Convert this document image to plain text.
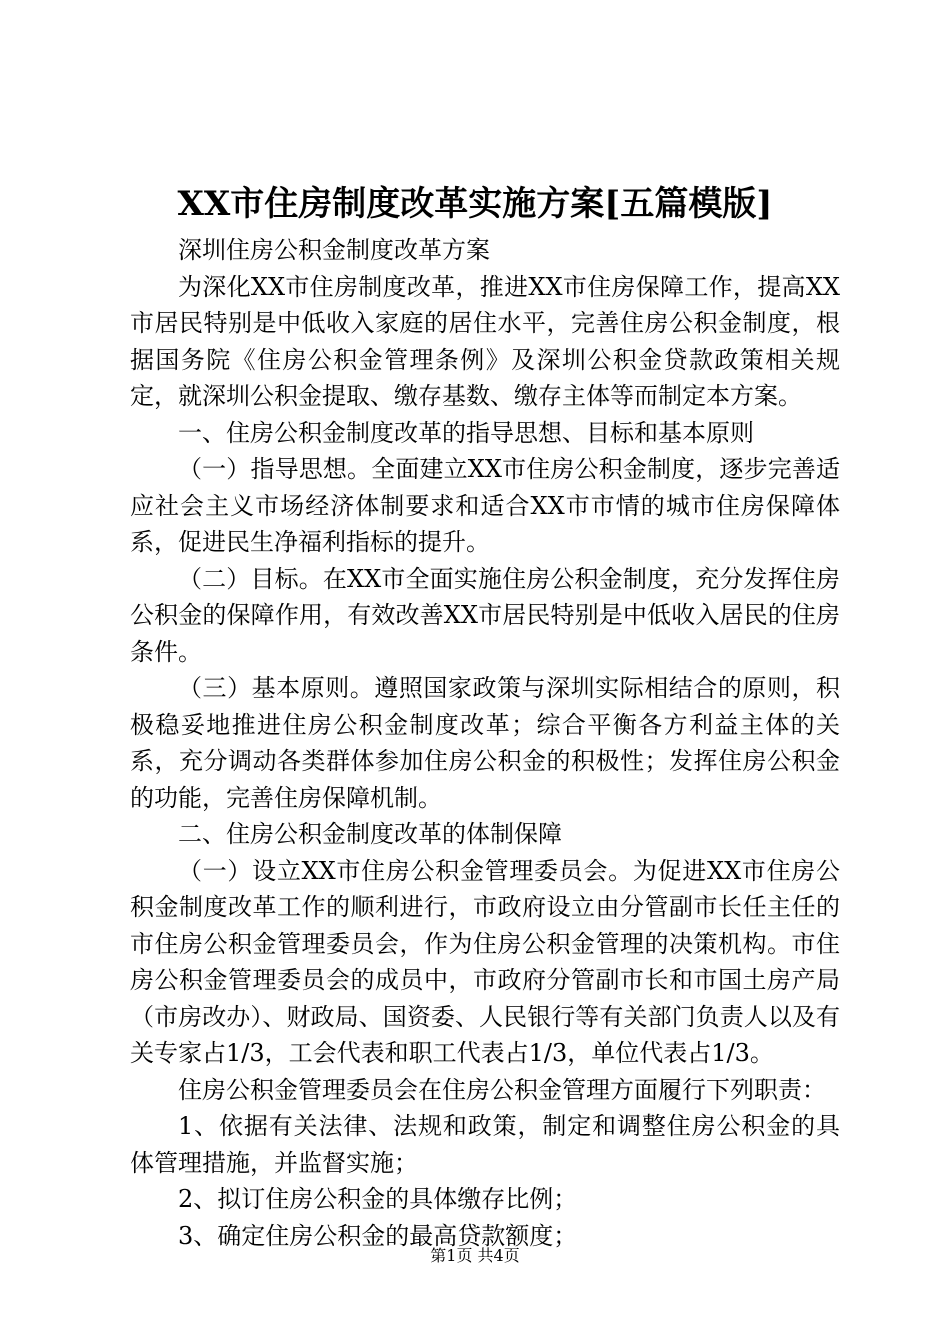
XX市住房制度改革实施方案[五篇模版]

深圳住房公积金制度改革方案

为深化XX市住房制度改革，推进XX市住房保障工作，提高XX市居民特别是中低收入家庭的居住水平，完善住房公积金制度，根据国务院《住房公积金管理条例》及深圳公积金贷款政策相关规定，就深圳公积金提取、缴存基数、缴存主体等而制定本方案。

一、住房公积金制度改革的指导思想、目标和基本原则

（一）指导思想。全面建立XX市住房公积金制度，逐步完善适应社会主义市场经济体制要求和适合XX市市情的城市住房保障体系，促进民生净福利指标的提升。

（二）目标。在XX市全面实施住房公积金制度，充分发挥住房公积金的保障作用，有效改善XX市居民特别是中低收入居民的住房条件。

（三）基本原则。遵照国家政策与深圳实际相结合的原则，积极稳妥地推进住房公积金制度改革；综合平衡各方利益主体的关系，充分调动各类群体参加住房公积金的积极性；发挥住房公积金的功能，完善住房保障机制。

二、住房公积金制度改革的体制保障

（一）设立XX市住房公积金管理委员会。为促进XX市住房公积金制度改革工作的顺利进行，市政府设立由分管副市长任主任的市住房公积金管理委员会，作为住房公积金管理的决策机构。市住房公积金管理委员会的成员中，市政府分管副市长和市国土房产局（市房改办）、财政局、国资委、人民银行等有关部门负责人以及有关专家占1/3，工会代表和职工代表占1/3，单位代表占1/3。

住房公积金管理委员会在住房公积金管理方面履行下列职责：

1、依据有关法律、法规和政策，制定和调整住房公积金的具体管理措施，并监督实施；

2、拟订住房公积金的具体缴存比例；

3、确定住房公积金的最高贷款额度；

第1页 共4页
